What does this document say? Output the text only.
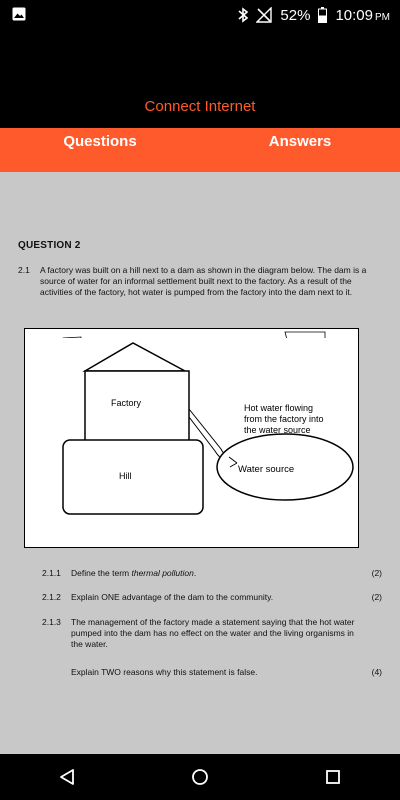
52% 10:09 PM
Connect Internet
Questions	Answers
QUESTION 2
2.1 A factory was built on a hill next to a dam as shown in the diagram below. The dam is a source of water for an informal settlement built next to the factory. As a result of the activities of the factory, hot water is pumped from the factory into the dam next to it.
Factory
Hill
Hot water flowing
from the factory into
the water source
Water source
2.1.1 Define the term thermal pollution.	(2)
2.1.2 Explain ONE advantage of the dam to the community.	(2)
2.1.3 The management of the factory made a statement saying that the hot water pumped into the dam has no effect on the water and the living organisms in the water.
Explain TWO reasons why this statement is false.	(4)
